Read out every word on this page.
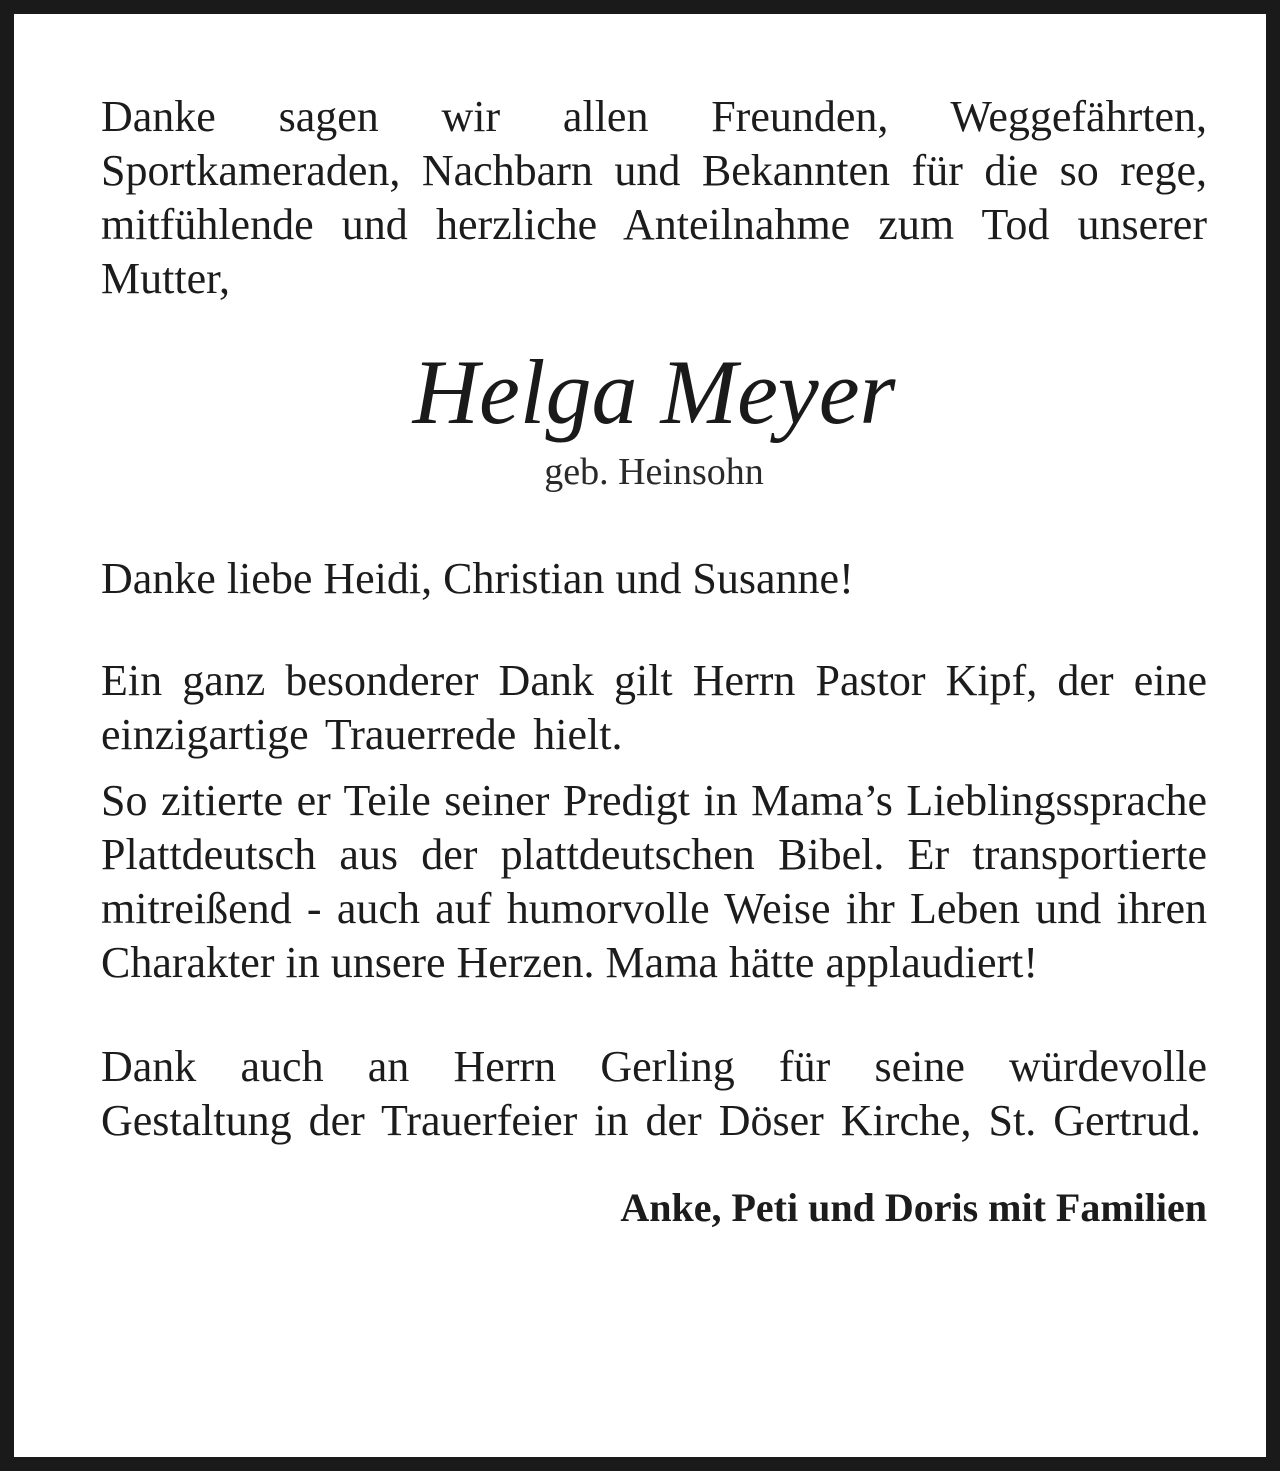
Danke sagen wir allen Freunden, Weggefährten, Sportkameraden, Nachbarn und Bekannten für die so rege, mitfühlende und herzliche Anteilnahme zum Tod unserer Mutter,

Helga Meyer

geb. Heinsohn

Danke liebe Heidi, Christian und Susanne!

Ein ganz besonderer Dank gilt Herrn Pastor Kipf, der eine einzigartige Trauerrede hielt.

So zitierte er Teile seiner Predigt in Mama’s Lieblingssprache Plattdeutsch aus der plattdeutschen Bibel. Er transportierte mitreißend - auch auf humorvolle Weise ihr Leben und ihren Charakter in unsere Herzen. Mama hätte applaudiert!

Dank auch an Herrn Gerling für seine würdevolle Gestaltung der Trauerfeier in der Döser Kirche, St. Gertrud.

Anke, Peti und Doris mit Familien
